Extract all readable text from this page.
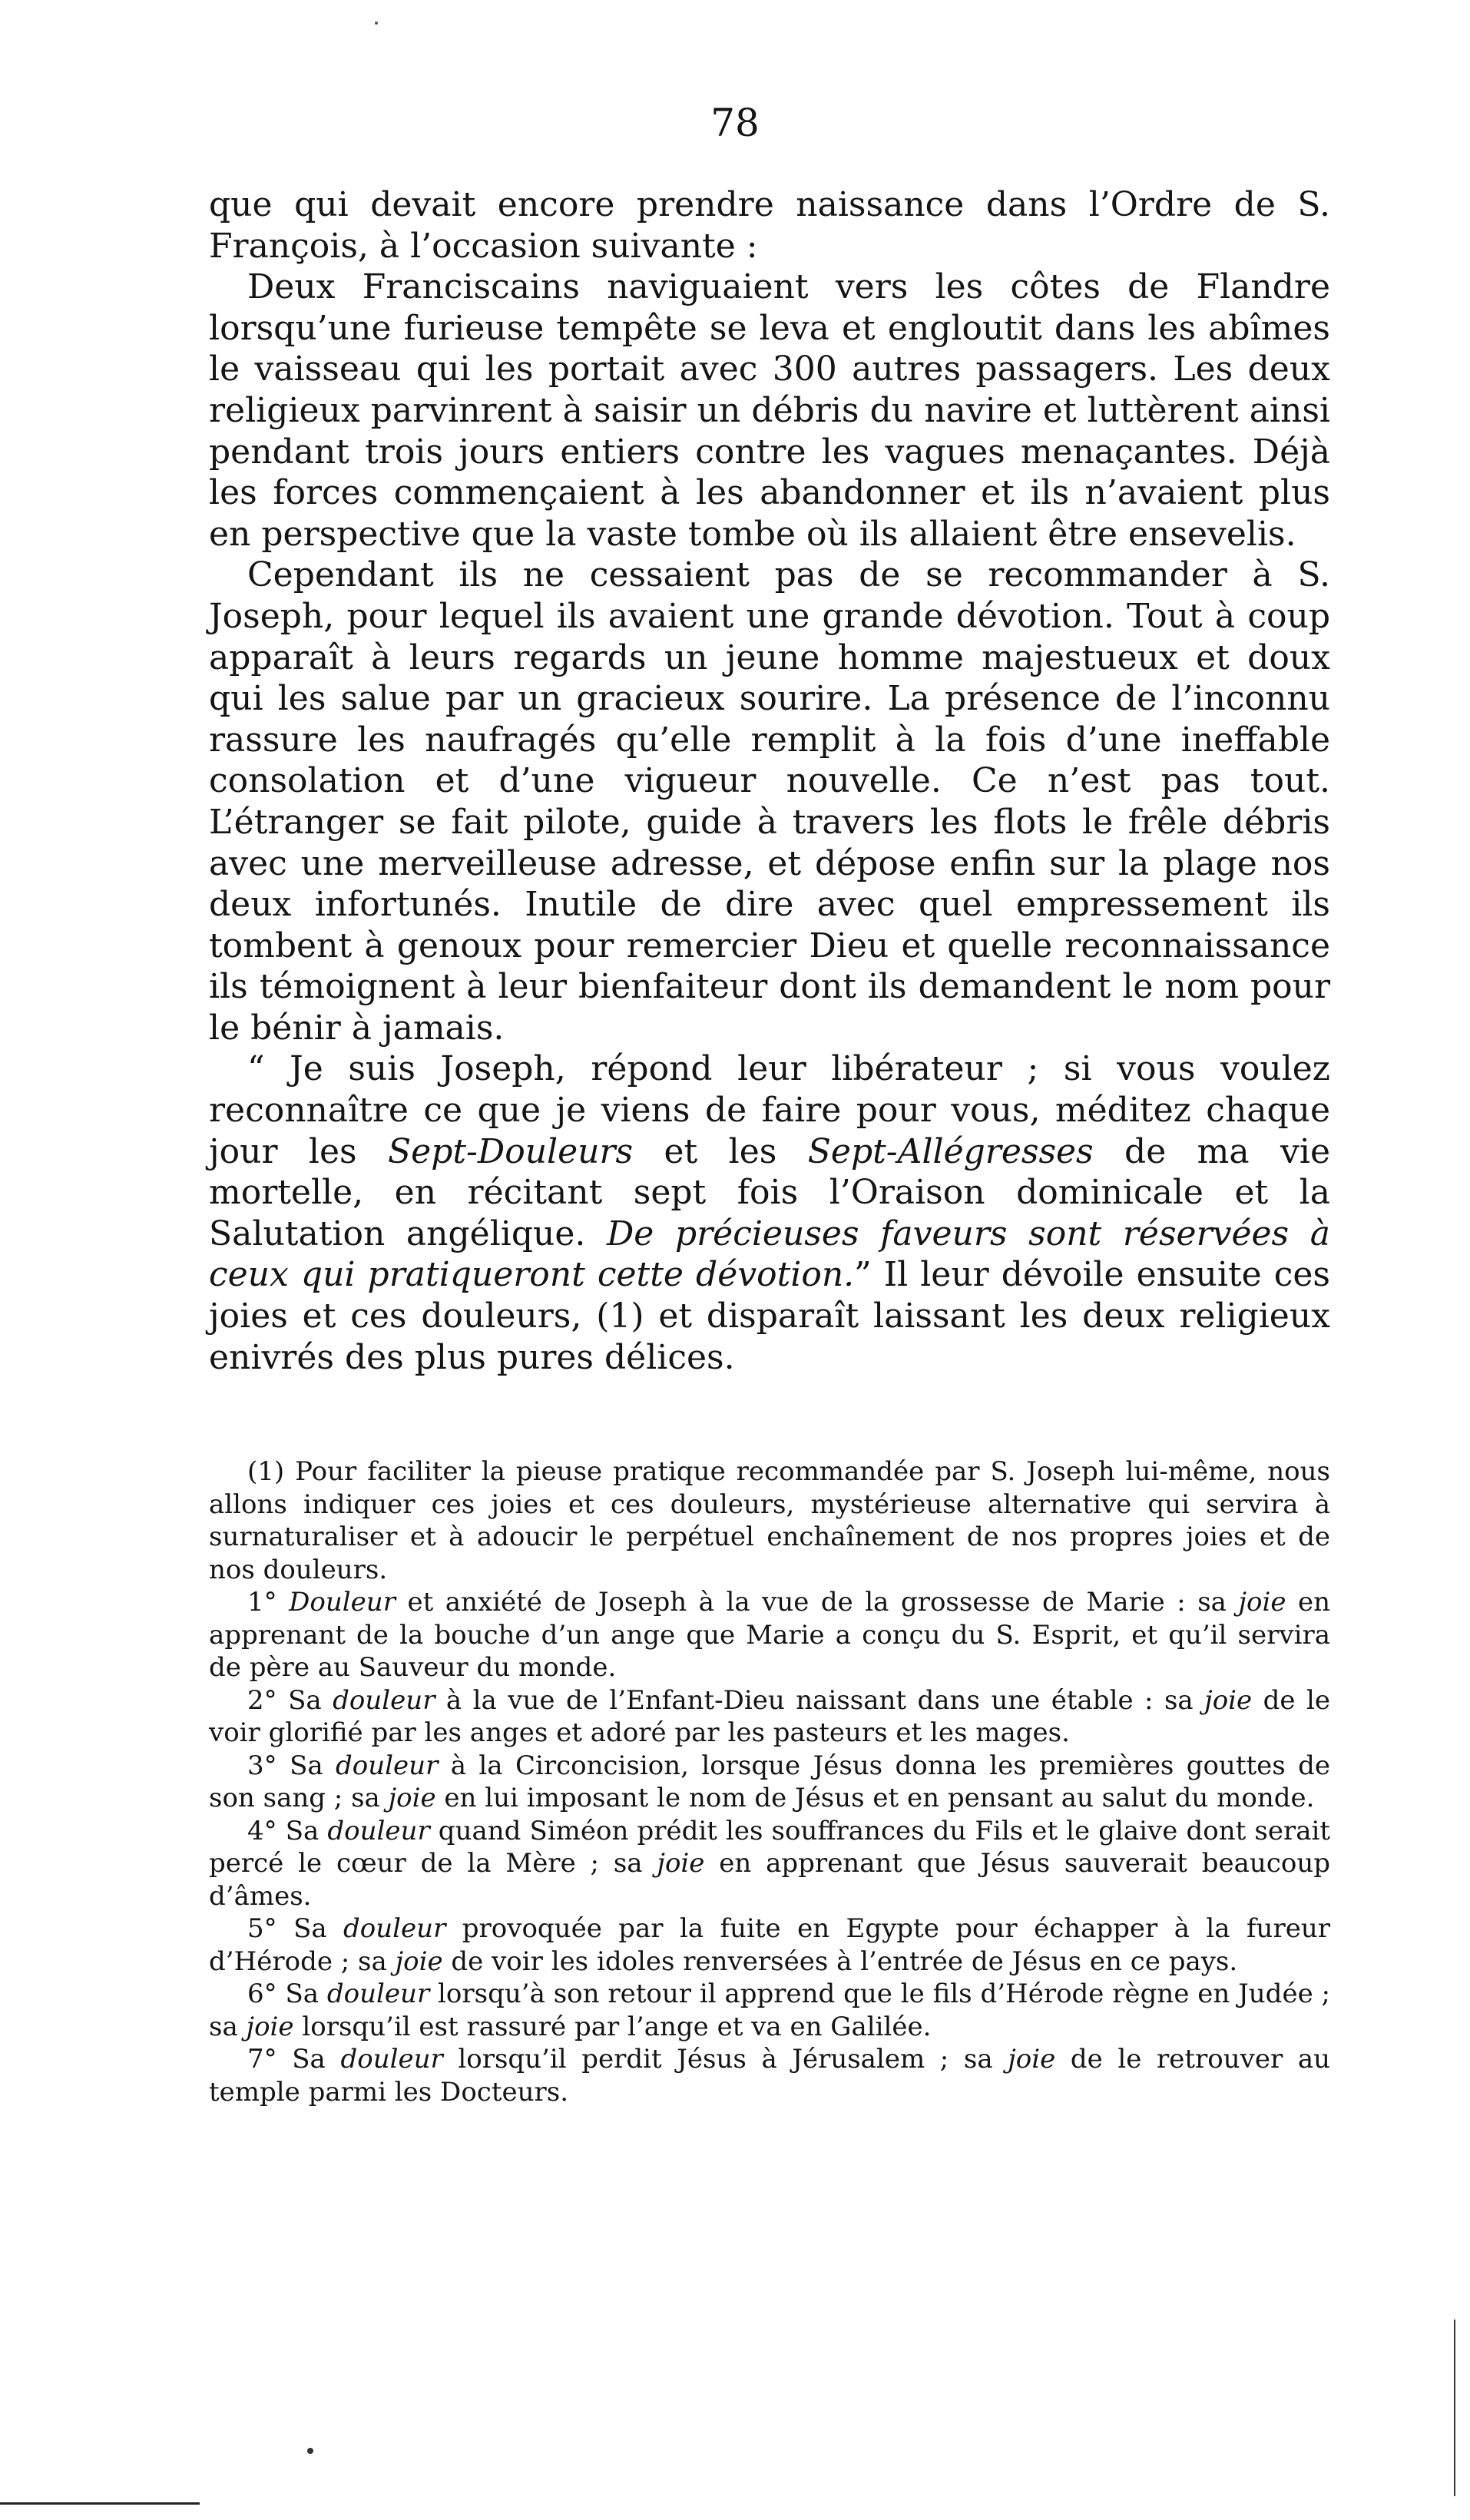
78

que qui devait encore prendre naissance dans l’Ordre de S. François, à l’occasion suivante :

Deux Franciscains naviguaient vers les côtes de Flandre lorsqu’une furieuse tempête se leva et engloutit dans les abîmes le vaisseau qui les portait avec 300 autres passagers. Les deux religieux parvinrent à saisir un débris du navire et luttèrent ainsi pendant trois jours entiers contre les vagues menaçantes. Déjà les forces commençaient à les abandonner et ils n’avaient plus en perspective que la vaste tombe où ils allaient être ensevelis.

Cependant ils ne cessaient pas de se recommander à S. Joseph, pour lequel ils avaient une grande dévotion. Tout à coup apparaît à leurs regards un jeune homme majestueux et doux qui les salue par un gracieux sourire. La présence de l’inconnu rassure les naufragés qu’elle remplit à la fois d’une ineffable consolation et d’une vigueur nouvelle. Ce n’est pas tout. L’étranger se fait pilote, guide à travers les flots le frêle débris avec une merveilleuse adresse, et dépose enfin sur la plage nos deux infortunés. Inutile de dire avec quel empressement ils tombent à genoux pour remercier Dieu et quelle reconnaissance ils témoignent à leur bienfaiteur dont ils demandent le nom pour le bénir à jamais.

“ Je suis Joseph, répond leur libérateur ; si vous voulez reconnaître ce que je viens de faire pour vous, méditez chaque jour les Sept-Douleurs et les Sept-Allégresses de ma vie mortelle, en récitant sept fois l’Oraison dominicale et la Salutation angélique. De précieuses faveurs sont réservées à ceux qui pratiqueront cette dévotion.” Il leur dévoile ensuite ces joies et ces douleurs, (1) et disparaît laissant les deux religieux enivrés des plus pures délices.

(1) Pour faciliter la pieuse pratique recommandée par S. Joseph lui-même, nous allons indiquer ces joies et ces douleurs, mystérieuse alternative qui servira à surnaturaliser et à adoucir le perpétuel enchaînement de nos propres joies et de nos douleurs.

1° Douleur et anxiété de Joseph à la vue de la grossesse de Marie : sa joie en apprenant de la bouche d’un ange que Marie a conçu du S. Esprit, et qu’il servira de père au Sauveur du monde.

2° Sa douleur à la vue de l’Enfant-Dieu naissant dans une étable : sa joie de le voir glorifié par les anges et adoré par les pasteurs et les mages.

3° Sa douleur à la Circoncision, lorsque Jésus donna les premières gouttes de son sang ; sa joie en lui imposant le nom de Jésus et en pensant au salut du monde.

4° Sa douleur quand Siméon prédit les souffrances du Fils et le glaive dont serait percé le cœur de la Mère ; sa joie en apprenant que Jésus sauverait beaucoup d’âmes.

5° Sa douleur provoquée par la fuite en Egypte pour échapper à la fureur d’Hérode ; sa joie de voir les idoles renversées à l’entrée de Jésus en ce pays.

6° Sa douleur lorsqu’à son retour il apprend que le fils d’Hérode règne en Judée ; sa joie lorsqu’il est rassuré par l’ange et va en Galilée.

7° Sa douleur lorsqu’il perdit Jésus à Jérusalem ; sa joie de le retrouver au temple parmi les Docteurs.
